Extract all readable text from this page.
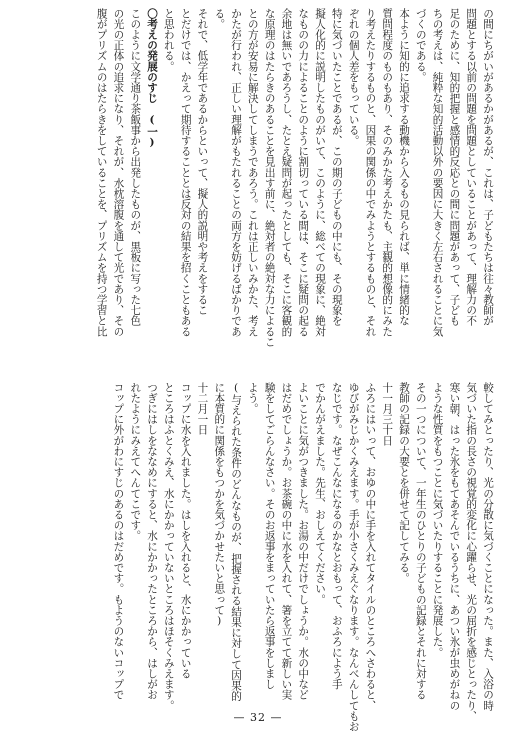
の間にちがいがあるかがあるが、これは、子どもたちは往々教師が
問題とする以前の問題を問題としていることがあって、理解力の不
足のために、知的把握と感情的反応との間に問題があって、子ども
ちの考えは、純粋な知的活動以外の要因に大きく左右されることに気
づくのである。
本ように知的に追求する動機から入るもの見られば、単に情緒的な
質問程度のものもあり、そのみかた考えかたも、主観的想像的にみた
り考えたりするものと、因果の関係の中でみようとするものと、それ
ぞれの個人差をもっている。
特に気づいたことであるが、この期の子どもの中にも、その現象を
擬人化的に説明したものがいて、このように、総べての現象に、絶対
なものの力によることのように割切っている間は、そこに疑問の起る
余地は無いであろうし、たとえ疑問が起ったとしても、そこに客観的
な原理のはたらきのあることを見出す前に、絶対者の絶対な力によるこ
との方が安易に解決してしまうであろう。これは正しいみかた、考え
かたが行われ、正しい理解がもたれることの両方を妨げるばかりであ
る。
それで、低学年であるからといって、擬人的説明や考えをするこ
とだけでは、かえって期待することとは反対の結果を招くこともある
と思われる。
〇考えの発展のすじ　(一)
このように文学通り茶飯事から出発したものが、黒板に写った七色
の光の正体の追求になり、それが、水枕溶腹を通して光であり、その
腹がプリズムのはたらきをしていることを、プリズムを持つ学習と比
較してみとったり、光の分散に気づくことになった。また、入浴の時
気づいた指の長さの視覚的変化に心躍らせ、光の屈折を感じとったり、
寒い朝、はった氷をもてあそんでいるうちに、あつい氷が虫めがねの
ような性質をもつことに気づいたりすることに発展した。
その一つについて、一年生のひとりの子どもの記録とそれに対する
教師の記録の大要とを併せて記してみる。
十一月三十日
ふろにはいって、おゆの中に手を入れてタイルのところへさわると、
ゆびがみじかくみえます。手が小さくみえぐなります。なんべんしてもお
なじです。なぜこんなになるのかなとおもって、おふろによう手
でかんがえました。先生、おしえてください。
よいことに気がつきました。お湯の中だけでしょうか。水の中など
はだめでしょうか。お茶碗の中に水を入れて、箸を立てて新しい実
験をしてごらんなさい。そのお返事をまっていたら返事をしまし
よう。
(与えられた条件のどんなものが、把握される結果に対して因果的
に本質的に関係をもつかを気づかせたいと思って)
十二月一日
コップに水を入れました。はしを入れると、水にかかっている
ところはふとくみえ、水にかかっていないところはほそくみえます。
つぎにはしをななめにすると、水にかかったところから、はしがお
れたようにみえてへんてこです。
コップに外がわにすじのあるのはだめです。もようのないコップで
— 32 —
